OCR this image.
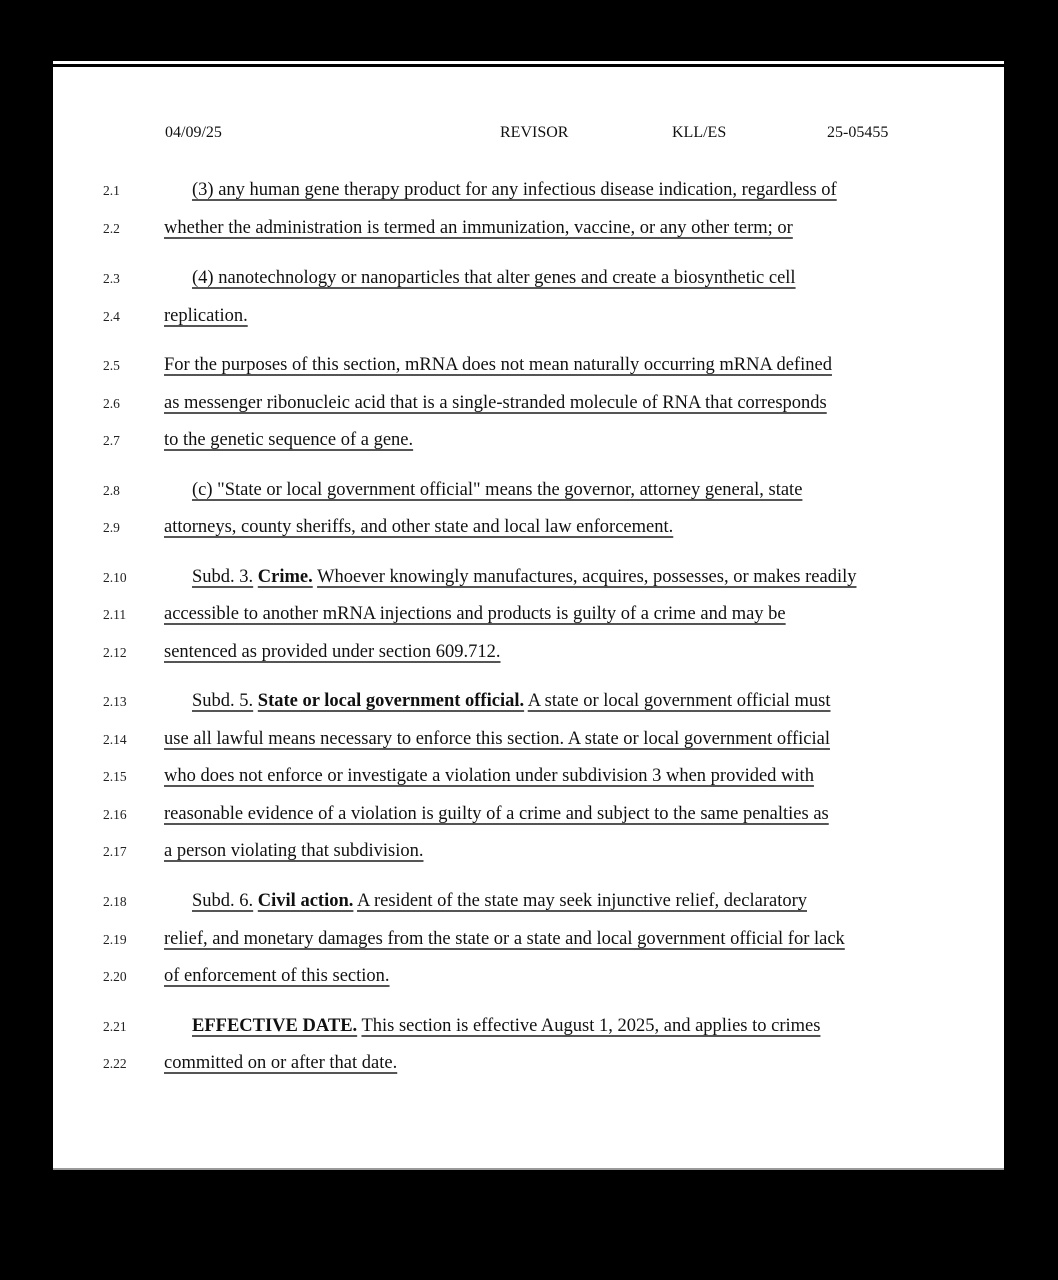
04/09/25	REVISOR	KLL/ES	25-05455
2.1	(3) any human gene therapy product for any infectious disease indication, regardless of
2.2 whether the administration is termed an immunization, vaccine, or any other term; or
2.3	(4) nanotechnology or nanoparticles that alter genes and create a biosynthetic cell
2.4 replication.
2.5 For the purposes of this section, mRNA does not mean naturally occurring mRNA defined
2.6 as messenger ribonucleic acid that is a single-stranded molecule of RNA that corresponds
2.7 to the genetic sequence of a gene.
2.8	(c) "State or local government official" means the governor, attorney general, state
2.9 attorneys, county sheriffs, and other state and local law enforcement.
2.10	Subd. 3. Crime. Whoever knowingly manufactures, acquires, possesses, or makes readily
2.11 accessible to another mRNA injections and products is guilty of a crime and may be
2.12 sentenced as provided under section 609.712.
2.13	Subd. 5. State or local government official. A state or local government official must
2.14 use all lawful means necessary to enforce this section. A state or local government official
2.15 who does not enforce or investigate a violation under subdivision 3 when provided with
2.16 reasonable evidence of a violation is guilty of a crime and subject to the same penalties as
2.17 a person violating that subdivision.
2.18	Subd. 6. Civil action. A resident of the state may seek injunctive relief, declaratory
2.19 relief, and monetary damages from the state or a state and local government official for lack
2.20 of enforcement of this section.
2.21	EFFECTIVE DATE. This section is effective August 1, 2025, and applies to crimes
2.22 committed on or after that date.
